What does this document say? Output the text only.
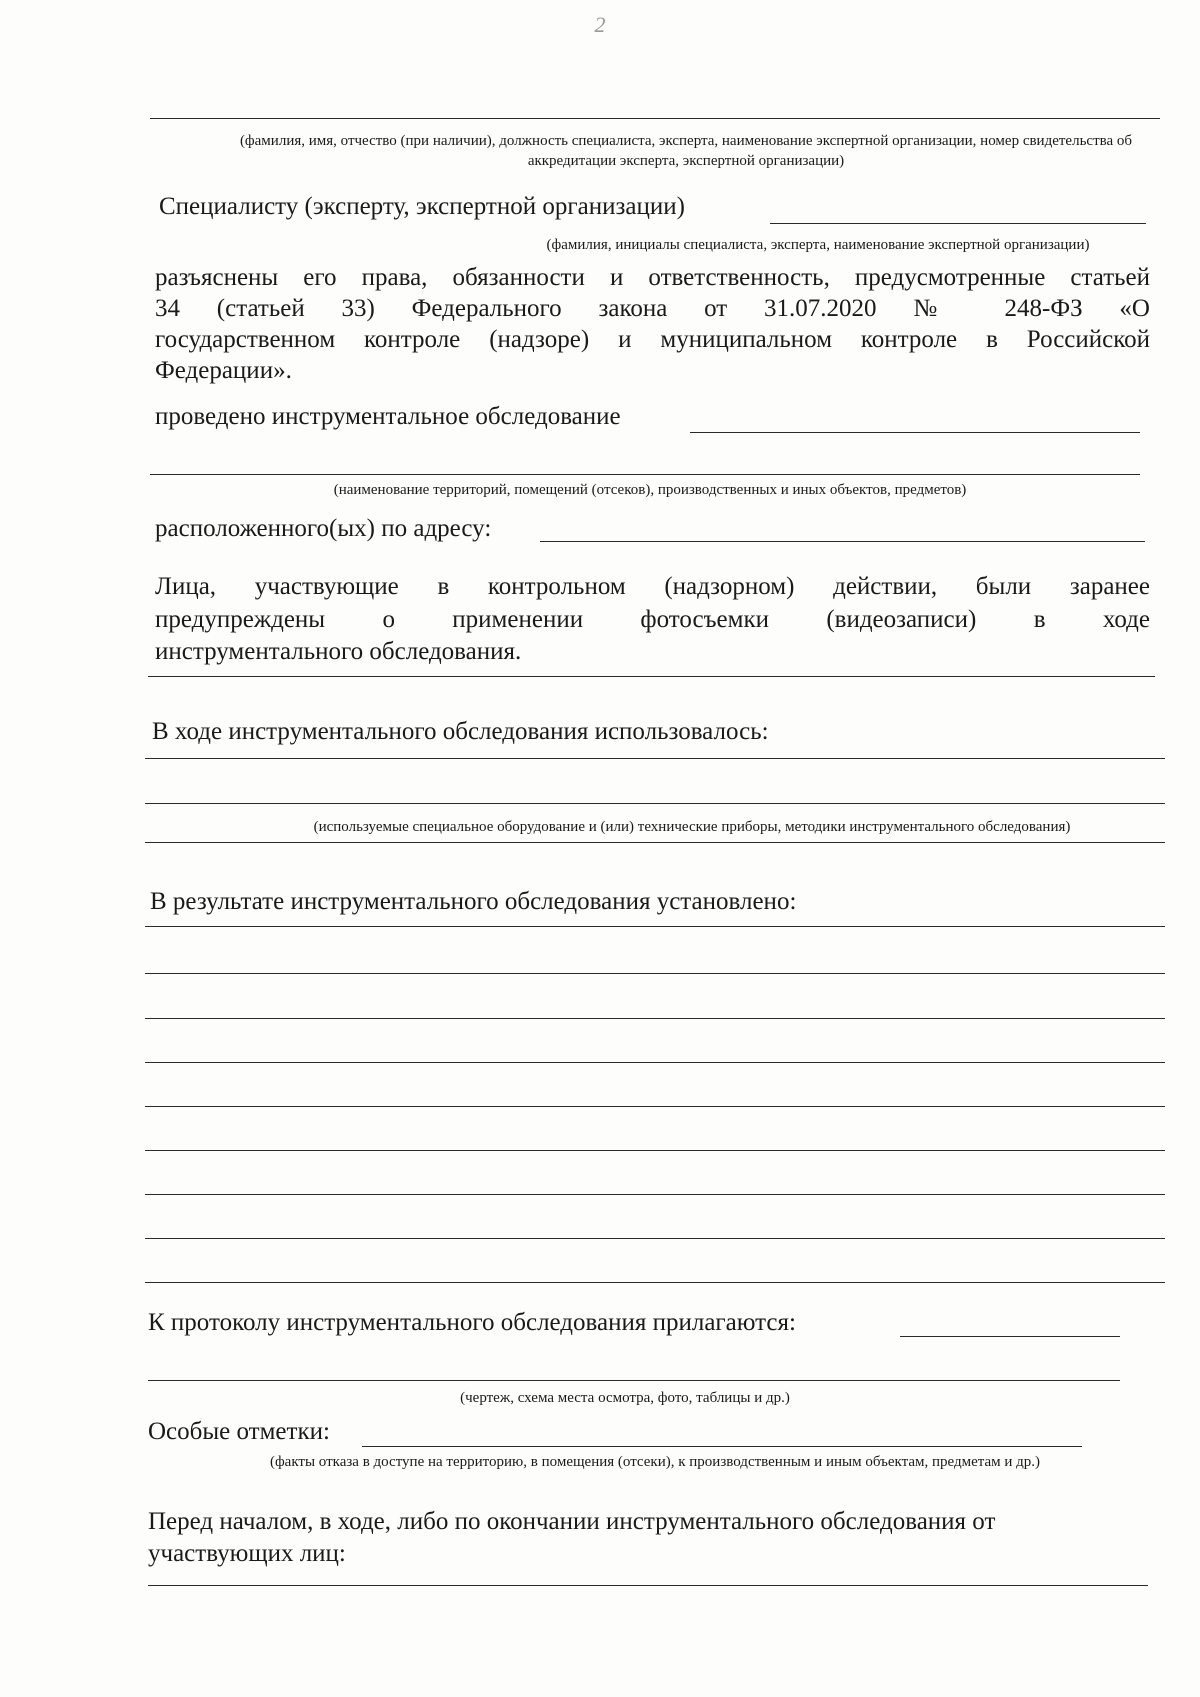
2
(фамилия, имя, отчество (при наличии), должность специалиста, эксперта, наименование экспертной организации, номер свидетельства об аккредитации эксперта, экспертной организации)
Специалисту (эксперту, экспертной организации)
(фамилия, инициалы специалиста, эксперта, наименование экспертной организации)
разъяснены его права, обязанности и ответственность, предусмотренные статьей
34 (статьей 33) Федерального закона от 31.07.2020 № 248-ФЗ «О
государственном контроле (надзоре) и муниципальном контроле в Российской
Федерации».
проведено инструментальное обследование
(наименование территорий, помещений (отсеков), производственных и иных объектов, предметов)
расположенного(ых) по адресу:
Лица, участвующие в контрольном (надзорном) действии, были заранее
предупреждены о применении фотосъемки (видеозаписи) в ходе
инструментального обследования.
В ходе инструментального обследования использовалось:
(используемые специальное оборудование и (или) технические приборы, методики инструментального обследования)
В результате инструментального обследования установлено:
К протоколу инструментального обследования прилагаются:
(чертеж, схема места осмотра, фото, таблицы и др.)
Особые отметки:
(факты отказа в доступе на территорию, в помещения (отсеки), к производственным и иным объектам, предметам и др.)
Перед началом, в ходе, либо по окончании инструментального обследования от
участвующих лиц:
